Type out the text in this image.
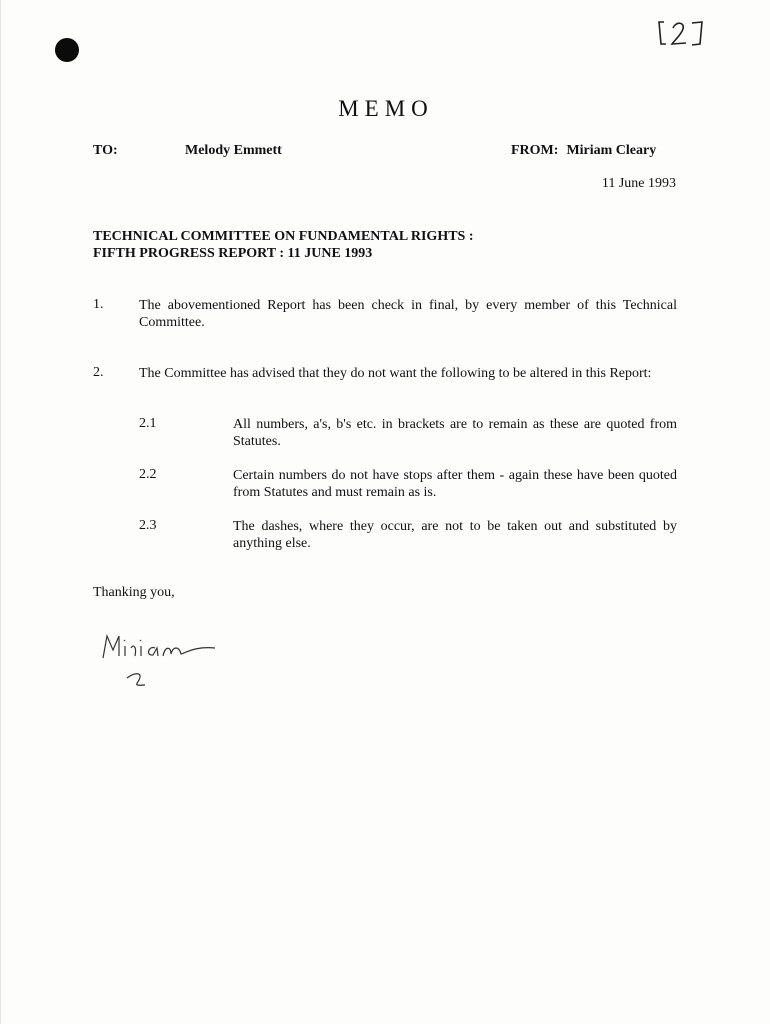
MEMO
TO:	Melody Emmett	FROM: Miriam Cleary
11 June 1993
TECHNICAL COMMITTEE ON FUNDAMENTAL RIGHTS :
FIFTH PROGRESS REPORT : 11 JUNE 1993
1.	The abovementioned Report has been check in final, by every member of this Technical Committee.
2.	The Committee has advised that they do not want the following to be altered in this Report:
2.1	All numbers, a's, b's etc. in brackets are to remain as these are quoted from Statutes.
2.2	Certain numbers do not have stops after them - again these have been quoted from Statutes and must remain as is.
2.3	The dashes, where they occur, are not to be taken out and substituted by anything else.
Thanking you,
